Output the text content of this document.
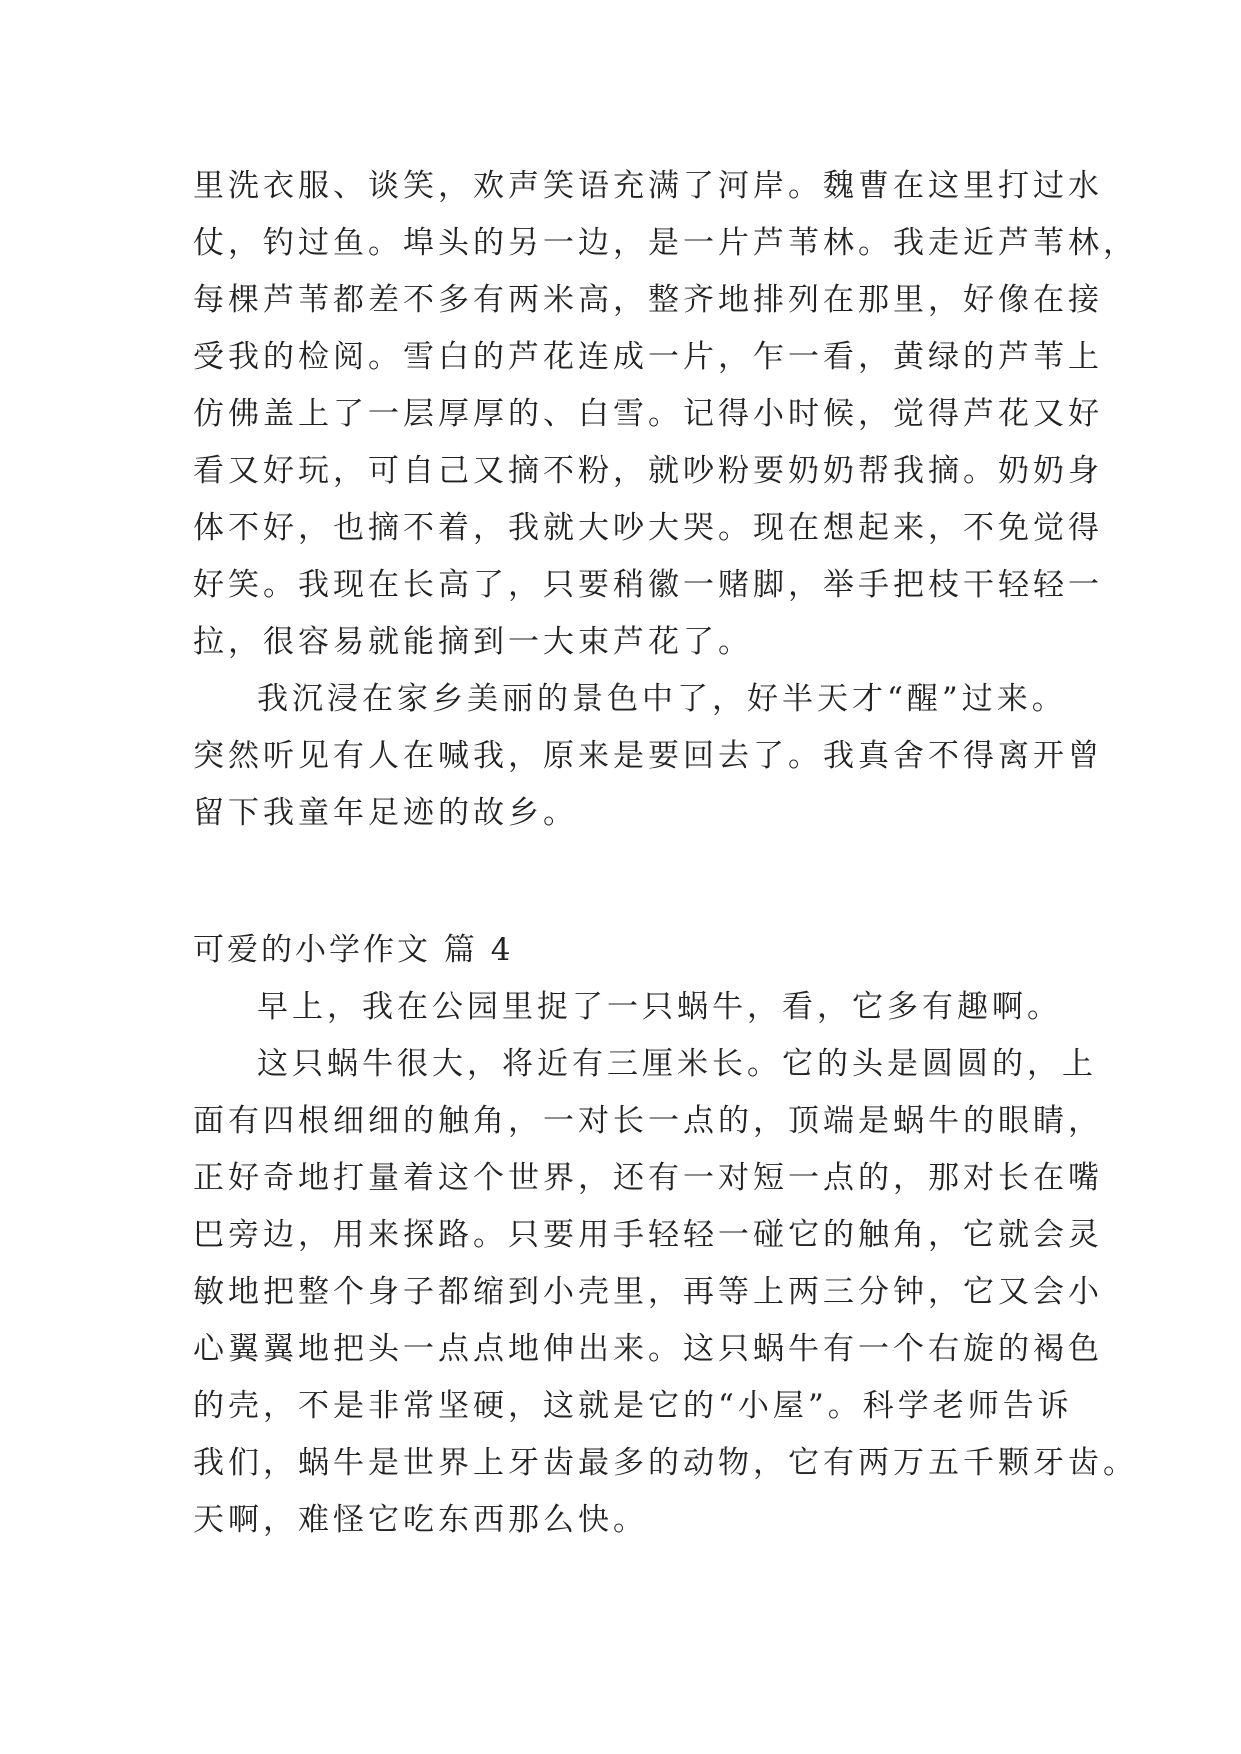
里洗衣服、谈笑，欢声笑语充满了河岸。魏曹在这里打过水
仗，钓过鱼。埠头的另一边，是一片芦苇林。我走近芦苇林，
每棵芦苇都差不多有两米高，整齐地排列在那里，好像在接
受我的检阅。雪白的芦花连成一片，乍一看，黄绿的芦苇上
仿佛盖上了一层厚厚的、白雪。记得小时候，觉得芦花又好
看又好玩，可自己又摘不粉，就吵粉要奶奶帮我摘。奶奶身
体不好，也摘不着，我就大吵大哭。现在想起来，不免觉得
好笑。我现在长高了，只要稍徽一赌脚，举手把枝干轻轻一
拉，很容易就能摘到一大束芦花了。
我沉浸在家乡美丽的景色中了，好半天才“醒”过来。
突然听见有人在喊我，原来是要回去了。我真舍不得离开曾
留下我童年足迹的故乡。
可爱的小学作文 篇 4
早上，我在公园里捉了一只蜗牛，看，它多有趣啊。
这只蜗牛很大，将近有三厘米长。它的头是圆圆的，上
面有四根细细的触角，一对长一点的，顶端是蜗牛的眼睛，
正好奇地打量着这个世界，还有一对短一点的，那对长在嘴
巴旁边，用来探路。只要用手轻轻一碰它的触角，它就会灵
敏地把整个身子都缩到小壳里，再等上两三分钟，它又会小
心翼翼地把头一点点地伸出来。这只蜗牛有一个右旋的褐色
的壳，不是非常坚硬，这就是它的“小屋”。科学老师告诉
我们，蜗牛是世界上牙齿最多的动物，它有两万五千颗牙齿。
天啊，难怪它吃东西那么快。
